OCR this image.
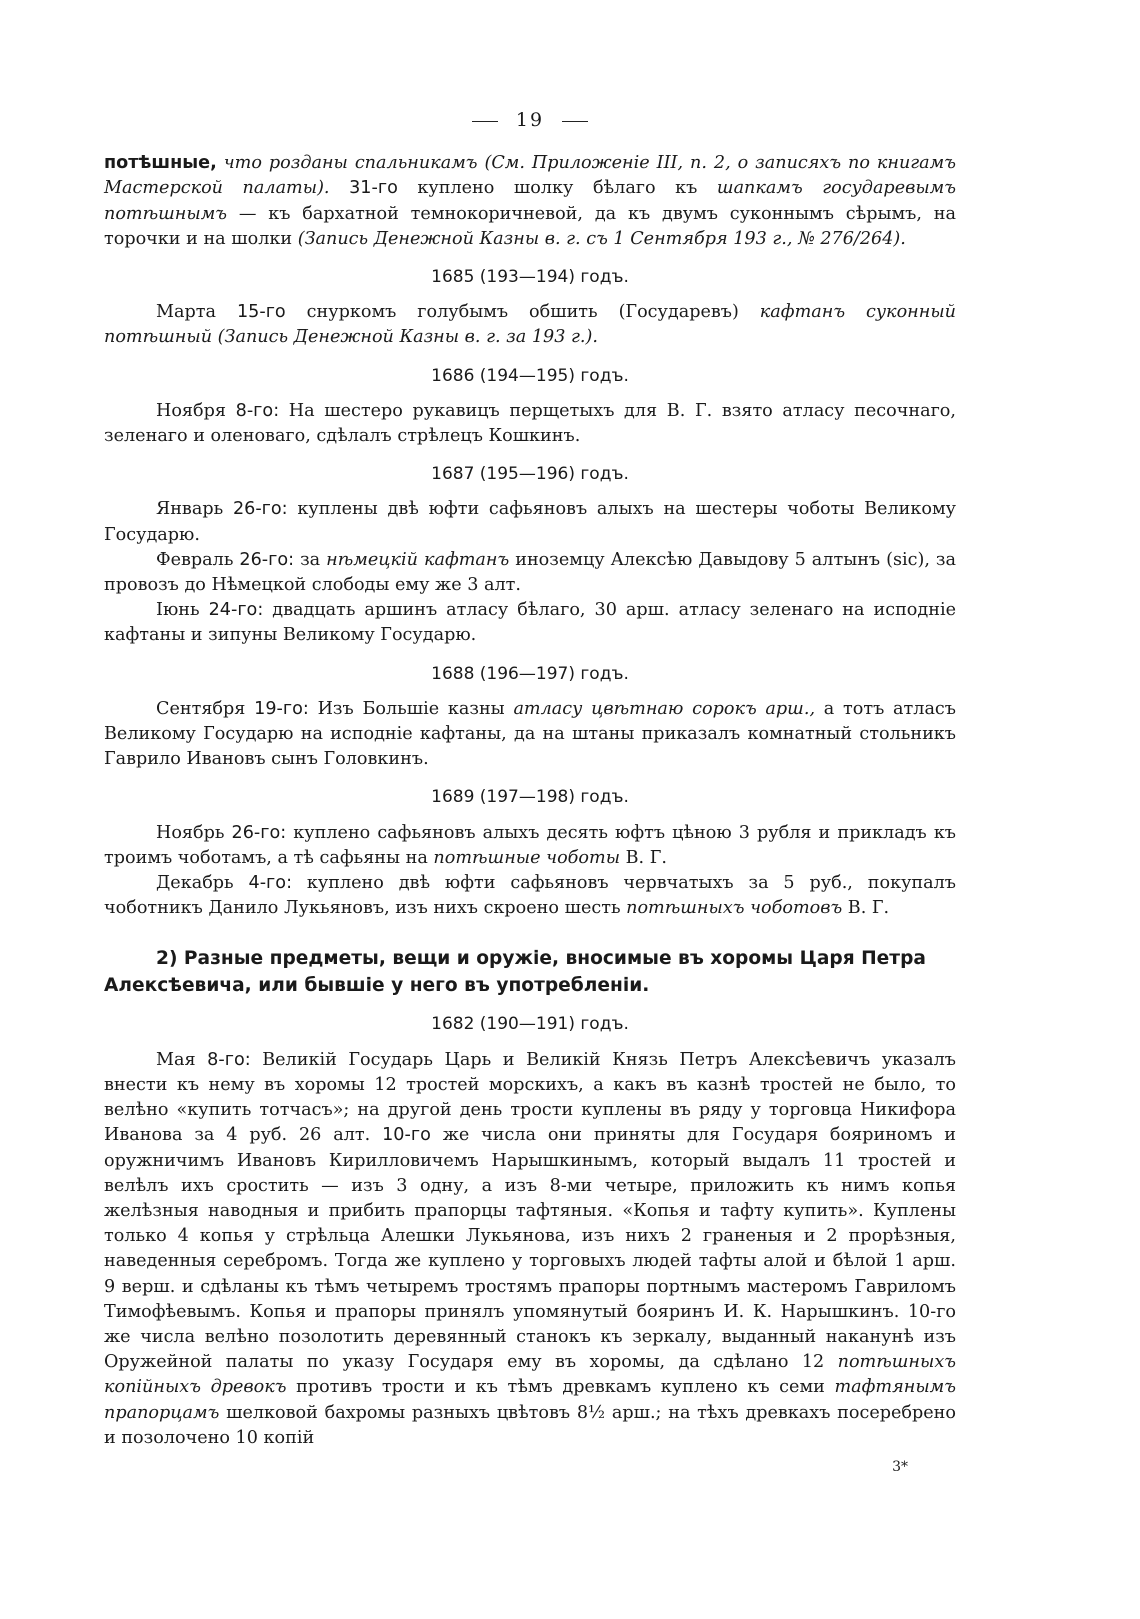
19

потѣшные, что розданы спальникамъ (См. Приложеніе III, п. 2, о записяхъ по книгамъ Мастерской палаты). 31-го куплено шолку бѣлаго къ шапкамъ государевымъ потѣшнымъ — къ бархатной темнокоричневой, да къ двумъ суконнымъ сѣрымъ, на торочки и на шолки (Запись Денежной Казны в. г. съ 1 Сентября 193 г., № 276/264).

1685 (193—194) годъ.

Марта 15-го снуркомъ голубымъ обшить (Государевъ) кафтанъ суконный потѣшный (Запись Денежной Казны в. г. за 193 г.).

1686 (194—195) годъ.

Ноября 8-го: На шестеро рукавицъ перщетыхъ для В. Г. взято атласу песочнаго, зеленаго и оленоваго, сдѣлалъ стрѣлецъ Кошкинъ.

1687 (195—196) годъ.

Январь 26-го: куплены двѣ юфти сафьяновъ алыхъ на шестеры чоботы Великому Государю.

Февраль 26-го: за нѣмецкій кафтанъ иноземцу Алексѣю Давыдову 5 алтынъ (sic), за провозъ до Нѣмецкой слободы ему же 3 алт.

Іюнь 24-го: двадцать аршинъ атласу бѣлаго, 30 арш. атласу зеленаго на исподніе кафтаны и зипуны Великому Государю.

1688 (196—197) годъ.

Сентября 19-го: Изъ Большіе казны атласу цвѣтнаю сорокъ арш., а тотъ атласъ Великому Государю на исподніе кафтаны, да на штаны приказалъ комнатный стольникъ Гаврило Ивановъ сынъ Головкинъ.

1689 (197—198) годъ.

Ноябрь 26-го: куплено сафьяновъ алыхъ десять юфтъ цѣною 3 рубля и прикладъ къ троимъ чоботамъ, а тѣ сафьяны на потѣшные чоботы В. Г.

Декабрь 4-го: куплено двѣ юфти сафьяновъ червчатыхъ за 5 руб., покупалъ чоботникъ Данило Лукьяновъ, изъ нихъ скроено шесть потѣшныхъ чоботовъ В. Г.

2) Разные предметы, вещи и оружіе, вносимые въ хоромы Царя Петра Алексѣевича, или бывшіе у него въ употребленіи.
1682 (190—191) годъ.

Мая 8-го: Великій Государь Царь и Великій Князь Петръ Алексѣевичъ указалъ внести къ нему въ хоромы 12 тростей морскихъ, а какъ въ казнѣ тростей не было, то велѣно «купить тотчасъ»; на другой день трости куплены въ ряду у торговца Никифора Иванова за 4 руб. 26 алт. 10-го же числа они приняты для Государя бояриномъ и оружничимъ Ивановъ Кирилловичемъ Нарышкинымъ, который выдалъ 11 тростей и велѣлъ ихъ сростить — изъ 3 одну, а изъ 8-ми четыре, приложить къ нимъ копья желѣзныя наводныя и прибить прапорцы тафтяныя. «Копья и тафту купить». Куплены только 4 копья у стрѣльца Алешки Лукьянова, изъ нихъ 2 граненыя и 2 прорѣзныя, наведенныя серебромъ. Тогда же куплено у торговыхъ людей тафты алой и бѣлой 1 арш. 9 верш. и сдѣланы къ тѣмъ четыремъ тростямъ прапоры портнымъ мастеромъ Гавриломъ Тимофѣевымъ. Копья и прапоры принялъ упомянутый бояринъ И. К. Нарышкинъ. 10-го же числа велѣно позолотить деревянный станокъ къ зеркалу, выданный наканунѣ изъ Оружейной палаты по указу Государя ему въ хоромы, да сдѣлано 12 потѣшныхъ копійныхъ древокъ противъ трости и къ тѣмъ древкамъ куплено къ семи тафтянымъ прапорцамъ шелковой бахромы разныхъ цвѣтовъ 8½ арш.; на тѣхъ древкахъ посеребрено и позолочено 10 копій

3*
